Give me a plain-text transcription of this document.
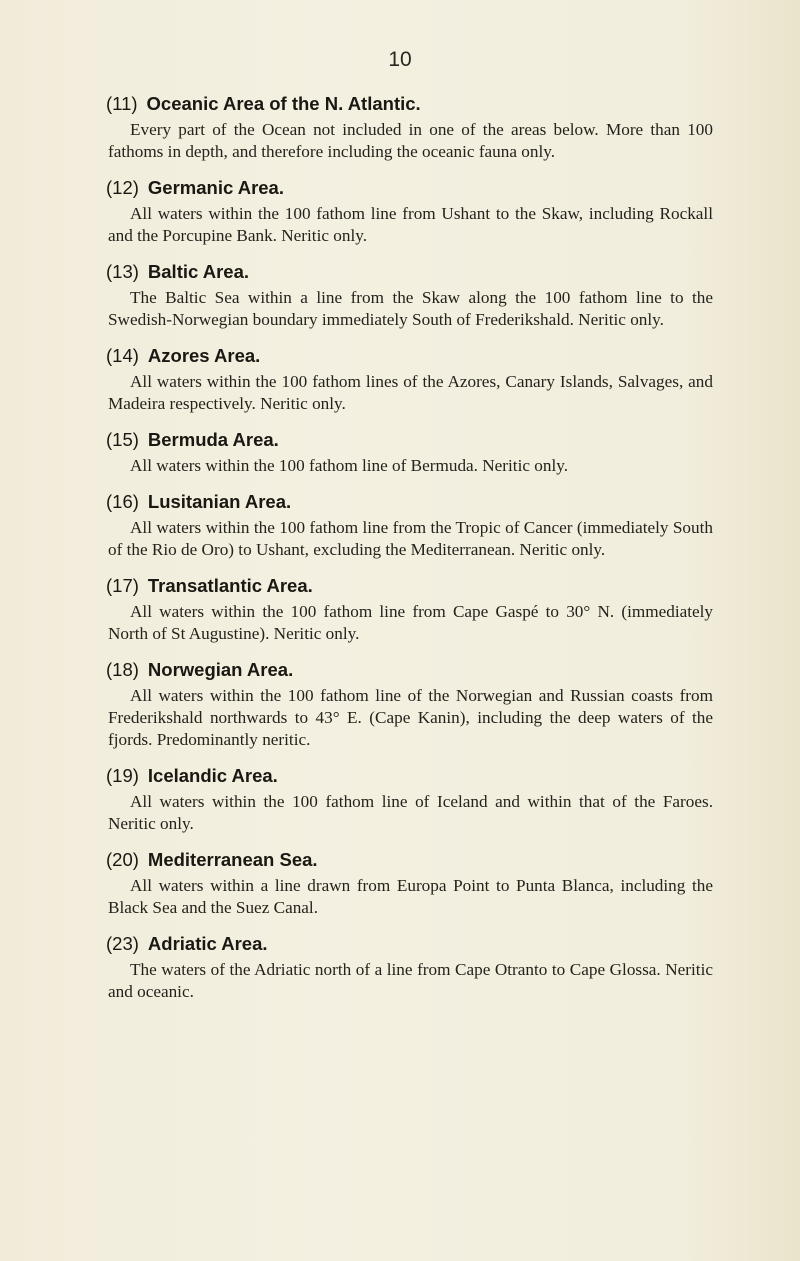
10
(11) Oceanic Area of the N. Atlantic.

Every part of the Ocean not included in one of the areas below. More than 100 fathoms in depth, and therefore including the oceanic fauna only.

(12) Germanic Area.

All waters within the 100 fathom line from Ushant to the Skaw, including Rockall and the Porcupine Bank. Neritic only.

(13) Baltic Area.

The Baltic Sea within a line from the Skaw along the 100 fathom line to the Swedish-Norwegian boundary immediately South of Frederikshald. Neritic only.

(14) Azores Area.

All waters within the 100 fathom lines of the Azores, Canary Islands, Salvages, and Madeira respectively. Neritic only.

(15) Bermuda Area.

All waters within the 100 fathom line of Bermuda. Neritic only.

(16) Lusitanian Area.

All waters within the 100 fathom line from the Tropic of Cancer (immediately South of the Rio de Oro) to Ushant, excluding the Mediterranean. Neritic only.

(17) Transatlantic Area.

All waters within the 100 fathom line from Cape Gaspé to 30° N. (immediately North of St Augustine). Neritic only.

(18) Norwegian Area.

All waters within the 100 fathom line of the Norwegian and Russian coasts from Frederikshald northwards to 43° E. (Cape Kanin), including the deep waters of the fjords. Predominantly neritic.

(19) Icelandic Area.

All waters within the 100 fathom line of Iceland and within that of the Faroes. Neritic only.

(20) Mediterranean Sea.

All waters within a line drawn from Europa Point to Punta Blanca, including the Black Sea and the Suez Canal.

(23) Adriatic Area.

The waters of the Adriatic north of a line from Cape Otranto to Cape Glossa. Neritic and oceanic.
